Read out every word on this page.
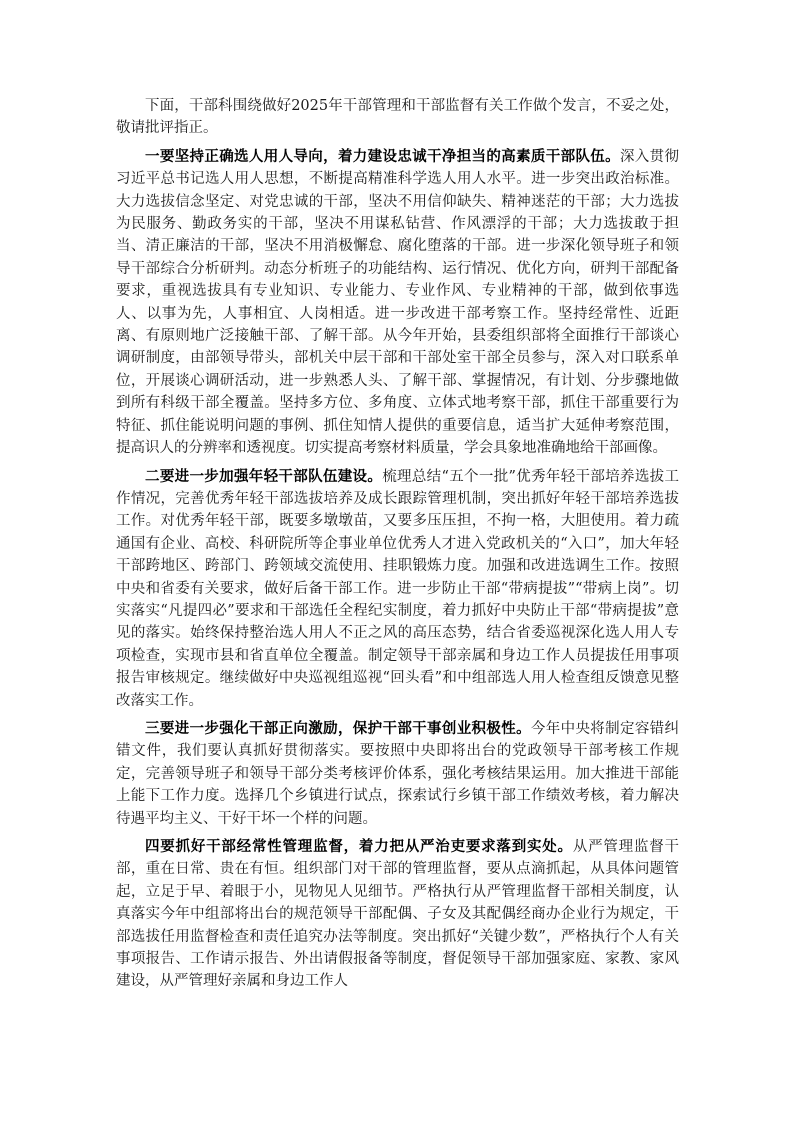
下面，干部科围绕做好2025年干部管理和干部监督有关工作做个发言，不妥之处，敬请批评指正。

一要坚持正确选人用人导向，着力建设忠诚干净担当的高素质干部队伍。深入贯彻习近平总书记选人用人思想，不断提高精准科学选人用人水平。进一步突出政治标准。大力选拔信念坚定、对党忠诚的干部，坚决不用信仰缺失、精神迷茫的干部；大力选拔为民服务、勤政务实的干部，坚决不用谋私钻营、作风漂浮的干部；大力选拔敢于担当、清正廉洁的干部，坚决不用消极懈怠、腐化堕落的干部。进一步深化领导班子和领导干部综合分析研判。动态分析班子的功能结构、运行情况、优化方向，研判干部配备要求，重视选拔具有专业知识、专业能力、专业作风、专业精神的干部，做到依事选人、以事为先，人事相宜、人岗相适。进一步改进干部考察工作。坚持经常性、近距离、有原则地广泛接触干部、了解干部。从今年开始，县委组织部将全面推行干部谈心调研制度，由部领导带头，部机关中层干部和干部处室干部全员参与，深入对口联系单位，开展谈心调研活动，进一步熟悉人头、了解干部、掌握情况，有计划、分步骤地做到所有科级干部全覆盖。坚持多方位、多角度、立体式地考察干部，抓住干部重要行为特征、抓住能说明问题的事例、抓住知情人提供的重要信息，适当扩大延伸考察范围，提高识人的分辨率和透视度。切实提高考察材料质量，学会具象地准确地给干部画像。

二要进一步加强年轻干部队伍建设。梳理总结“五个一批”优秀年轻干部培养选拔工作情况，完善优秀年轻干部选拔培养及成长跟踪管理机制，突出抓好年轻干部培养选拔工作。对优秀年轻干部，既要多墩墩苗，又要多压压担，不拘一格，大胆使用。着力疏通国有企业、高校、科研院所等企事业单位优秀人才进入党政机关的“入口”，加大年轻干部跨地区、跨部门、跨领域交流使用、挂职锻炼力度。加强和改进选调生工作。按照中央和省委有关要求，做好后备干部工作。进一步防止干部“带病提拔”“带病上岗”。切实落实“凡提四必”要求和干部选任全程纪实制度，着力抓好中央防止干部“带病提拔”意见的落实。始终保持整治选人用人不正之风的高压态势，结合省委巡视深化选人用人专项检查，实现市县和省直单位全覆盖。制定领导干部亲属和身边工作人员提拔任用事项报告审核规定。继续做好中央巡视组巡视“回头看”和中组部选人用人检查组反馈意见整改落实工作。

三要进一步强化干部正向激励，保护干部干事创业积极性。今年中央将制定容错纠错文件，我们要认真抓好贯彻落实。要按照中央即将出台的党政领导干部考核工作规定，完善领导班子和领导干部分类考核评价体系，强化考核结果运用。加大推进干部能上能下工作力度。选择几个乡镇进行试点，探索试行乡镇干部工作绩效考核，着力解决待遇平均主义、干好干坏一个样的问题。

四要抓好干部经常性管理监督，着力把从严治吏要求落到实处。从严管理监督干部，重在日常、贵在有恒。组织部门对干部的管理监督，要从点滴抓起，从具体问题管起，立足于早、着眼于小，见物见人见细节。严格执行从严管理监督干部相关制度，认真落实今年中组部将出台的规范领导干部配偶、子女及其配偶经商办企业行为规定，干部选拔任用监督检查和责任追究办法等制度。突出抓好“关键少数”，严格执行个人有关事项报告、工作请示报告、外出请假报备等制度，督促领导干部加强家庭、家教、家风建设，从严管理好亲属和身边工作人
